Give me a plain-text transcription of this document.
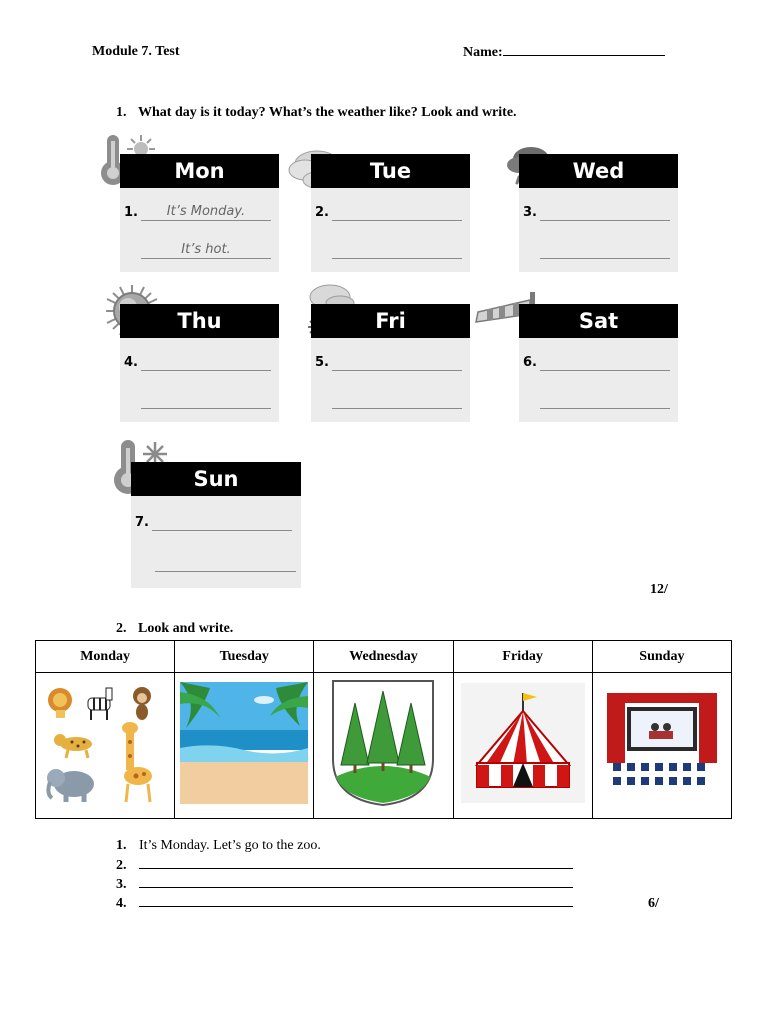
Module 7. Test	Name:
1. What day is it today? What’s the weather like? Look and write.
Mon
1.	It’s Monday.
It’s hot.
Tue
2.
Wed
3.
Thu
4.
Fri
5.
Sat
6.
Sun
7.
12/
2. Look and write.
Monday	Tuesday	Wednesday	Friday	Sunday

1. It’s Monday. Let’s go to the zoo.
2.
3.
4.	6/
